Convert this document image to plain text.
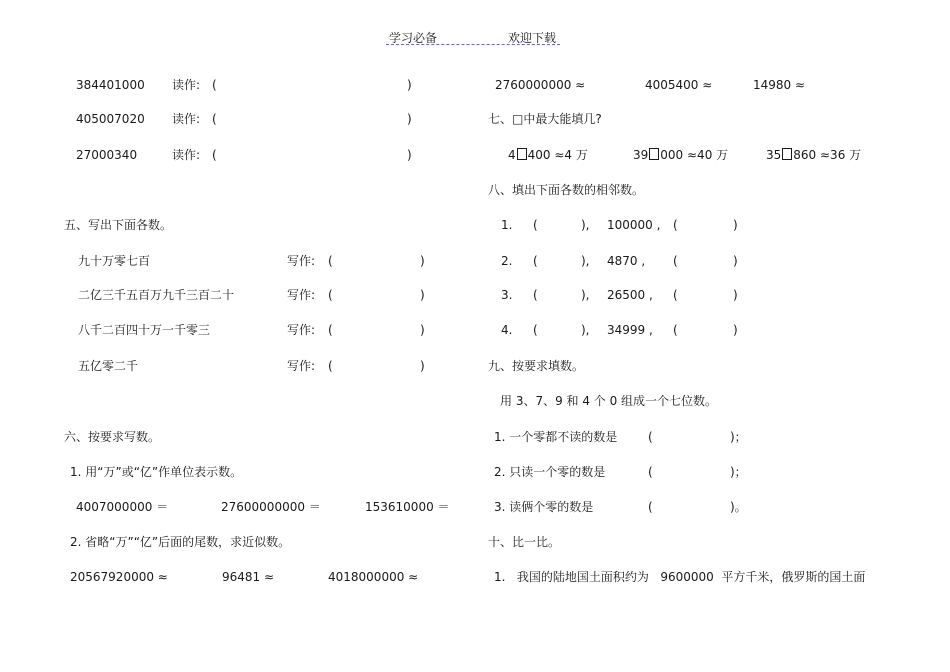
学习必备	欢迎下载
384401000 读作: (	)
405007020 读作: (	)
27000340	读作: (	)
五、写出下面各数。
九十万零七百	写作: (	)
二亿三千五百万九千三百二十	写作: (	)
八千二百四十万一千零三	写作: (	)
五亿零二千	写作: (	)
六、按要求写数。
1. 用“万”或“亿”作单位表示数。
4007000000 ＝	27600000000 ＝	153610000 ＝
2. 省略“万”“亿”后面的尾数，求近似数。
20567920000 ≈	96481 ≈	4018000000 ≈
2760000000 ≈	4005400 ≈	14980 ≈
七、□中最大能填几?
4 400 ≈4 万	39 000 ≈40 万	35 860 ≈36 万
八、填出下面各数的相邻数。
1. (	), 100000 , (	)
2. (	), 4870 , (	)
3. (	), 26500 , (	)
4. (	), 34999 , (	)
九、按要求填数。
用 3、7、9 和 4 个 0 组成一个七位数。
1. 一个零都不读的数是	(	)；
2. 只读一个零的数是	(	)；
3. 读俩个零的数是	(	)。
十、比一比。
1.   我国的陆地国土面积约为   9600000  平方千米，俄罗斯的国土面
